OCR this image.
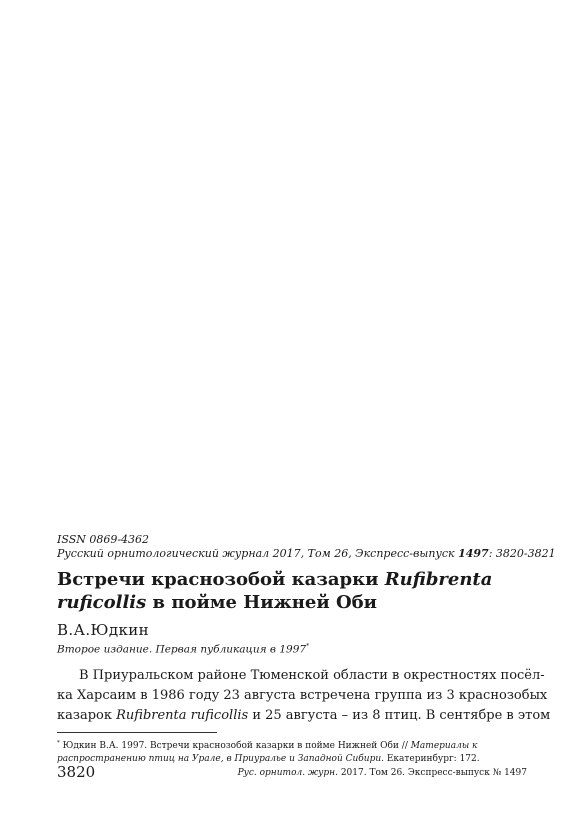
ISSN 0869-4362
Русский орнитологический журнал 2017, Том 26, Экспресс-выпуск 1497: 3820-3821
Встречи краснозобой казарки Rufibrenta ruficollis в пойме Нижней Оби

В.А.Юдкин

Второе издание. Первая публикация в 1997*

В Приуральском районе Тюменской области в окрестностях посёл-
ка Харсаим в 1986 году 23 августа встречена группа из 3 краснозобых
казарок Rufibrenta ruficollis и 25 августа – из 8 птиц. В сентябре в этом

* Юдкин В.А. 1997. Встречи краснозобой казарки в пойме Нижней Оби // Материалы к распространению птиц на Урале, в Приуралье и Западной Сибири. Екатеринбург: 172.

3820	Рус. орнитол. журн. 2017. Том 26. Экспресс-выпуск № 1497
